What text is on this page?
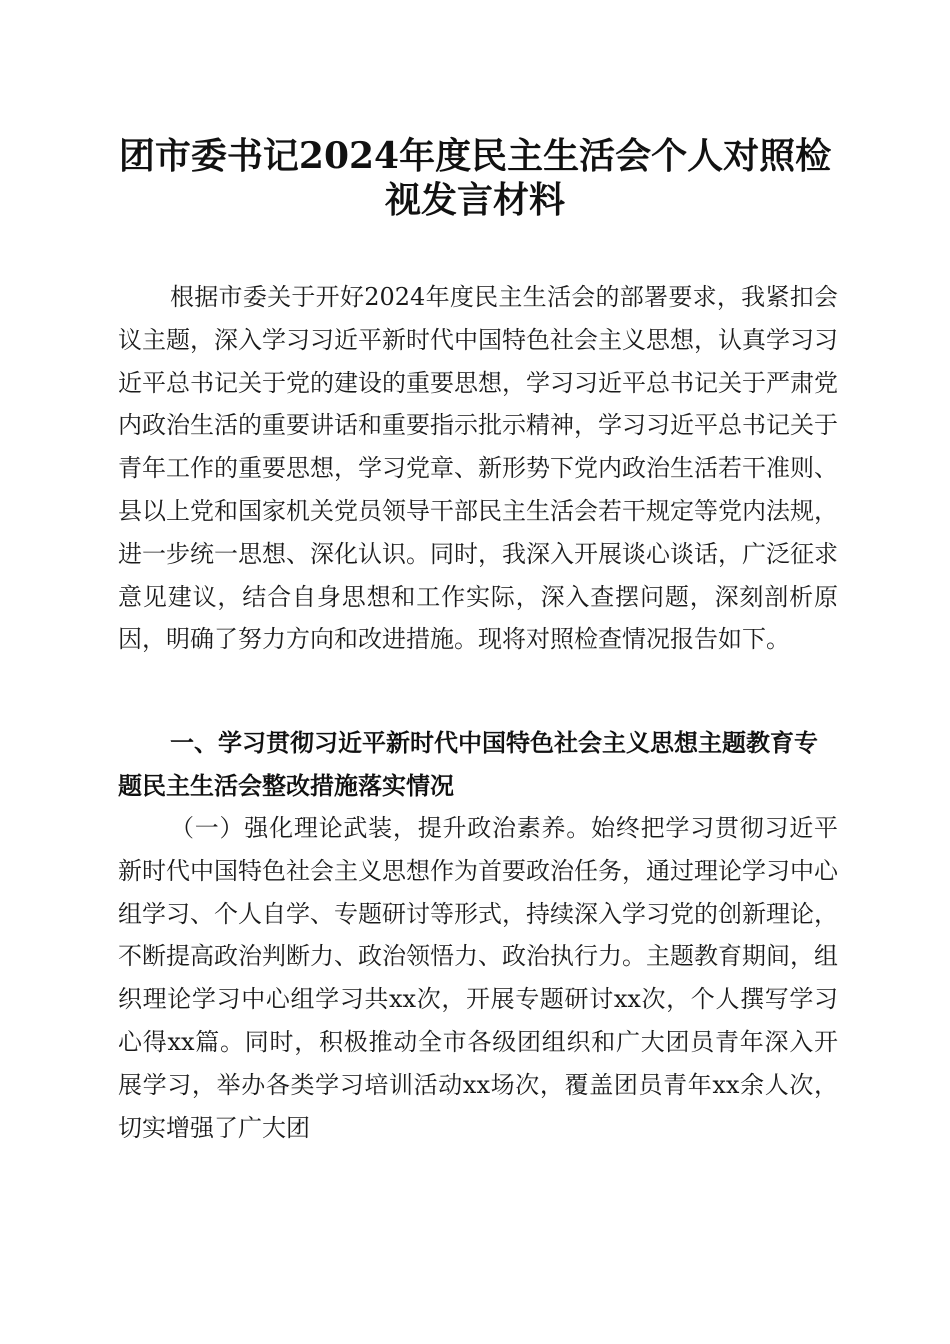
团市委书记2024年度民主生活会个人对照检
视发言材料

根据市委关于开好2024年度民主生活会的部署要求，我紧扣会议主题，深入学习习近平新时代中国特色社会主义思想，认真学习习近平总书记关于党的建设的重要思想，学习习近平总书记关于严肃党内政治生活的重要讲话和重要指示批示精神，学习习近平总书记关于青年工作的重要思想，学习党章、新形势下党内政治生活若干准则、县以上党和国家机关党员领导干部民主生活会若干规定等党内法规，进一步统一思想、深化认识。同时，我深入开展谈心谈话，广泛征求意见建议，结合自身思想和工作实际，深入查摆问题，深刻剖析原因，明确了努力方向和改进措施。现将对照检查情况报告如下。

一、学习贯彻习近平新时代中国特色社会主义思想主题教育专题民主生活会整改措施落实情况

（一）强化理论武装，提升政治素养。始终把学习贯彻习近平新时代中国特色社会主义思想作为首要政治任务，通过理论学习中心组学习、个人自学、专题研讨等形式，持续深入学习党的创新理论，不断提高政治判断力、政治领悟力、政治执行力。主题教育期间，组织理论学习中心组学习共xx次，开展专题研讨xx次，个人撰写学习心得xx篇。同时，积极推动全市各级团组织和广大团员青年深入开展学习，举办各类学习培训活动xx场次，覆盖团员青年xx余人次，切实增强了广大团
